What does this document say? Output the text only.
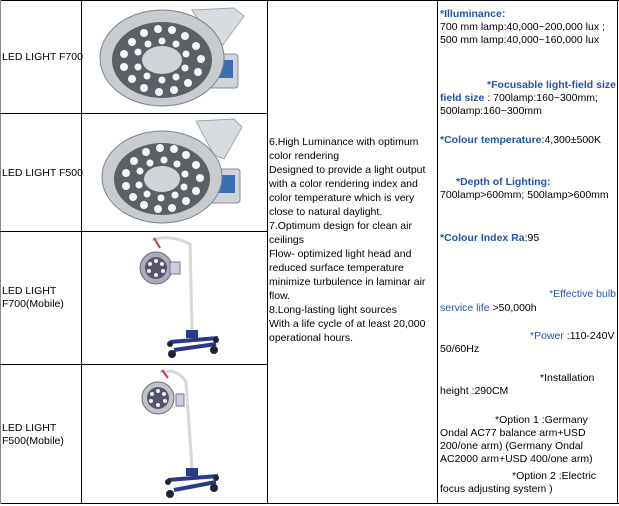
LED LIGHT F700
LED LIGHT F500
LED LIGHT
F700(Mobile)
LED LIGHT
F500(Mobile)
6.High Luminance with optimum color rendering
Designed to provide a light output with a color rendering index and color temperature which is very close to natural daylight.
7.Optimum design for clean air ceilings
Flow- optimized light head and reduced surface temperature minimize turbulence in laminar air flow.
8.Long-lasting light sources
With a life cycle of at least 20,000 operational hours.
*Illuminance:
700 mm lamp:40,000~200,000 lux ; 500 mm lamp:40,000~160,000 lux
*Focusable light-field size
field size : 700lamp:160~300mm; 500lamp:160~300mm
*Colour temperature:4,300±500K
*Depth of Lighting:
700lamp>600mm; 500lamp>600mm
*Colour Index Ra:95
*Effective bulb
service life >50,000h
*Power :110-240V 50/60Hz
*Installation height :290CM
*Option 1 :Germany Ondal AC77 balance arm+USD 200/one arm) (Germany Ondal AC2000 arm+USD 400/one arm)
*Option 2 :Electric focus adjusting system )
